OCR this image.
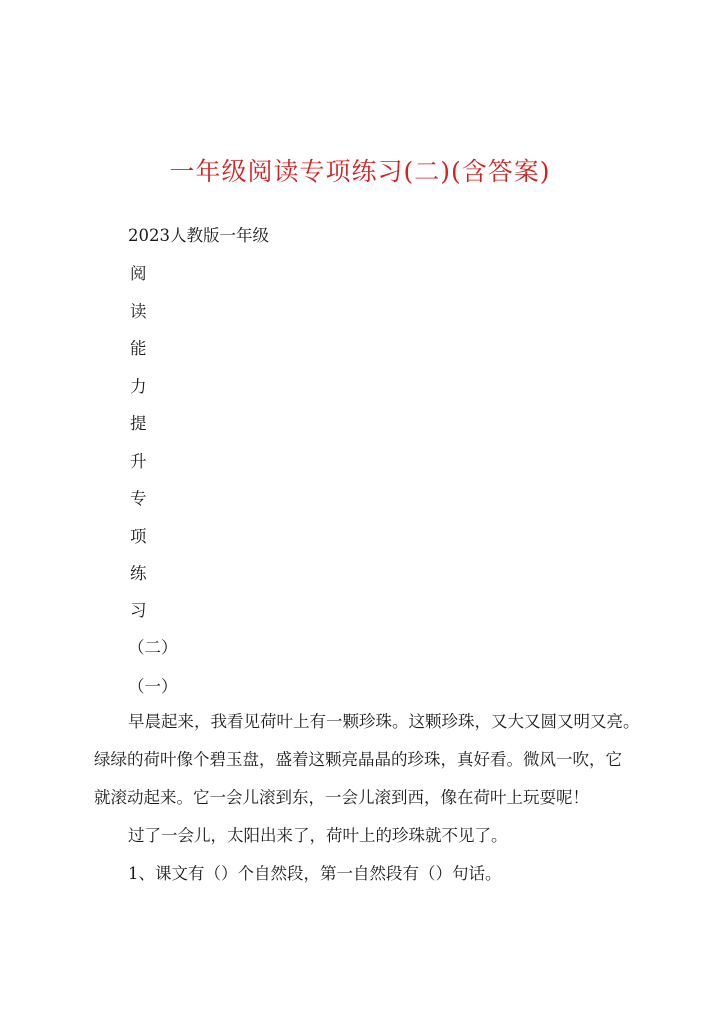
一年级阅读专项练习(二)(含答案)
2023人教版一年级
阅
读
能
力
提
升
专
项
练
习
（二）
（一）
早晨起来，我看见荷叶上有一颗珍珠。这颗珍珠，又大又圆又明又亮。
绿绿的荷叶像个碧玉盘，盛着这颗亮晶晶的珍珠，真好看。微风一吹，它
就滚动起来。它一会儿滚到东，一会儿滚到西，像在荷叶上玩耍呢！
过了一会儿，太阳出来了，荷叶上的珍珠就不见了。
1、课文有（）个自然段，第一自然段有（）句话。
